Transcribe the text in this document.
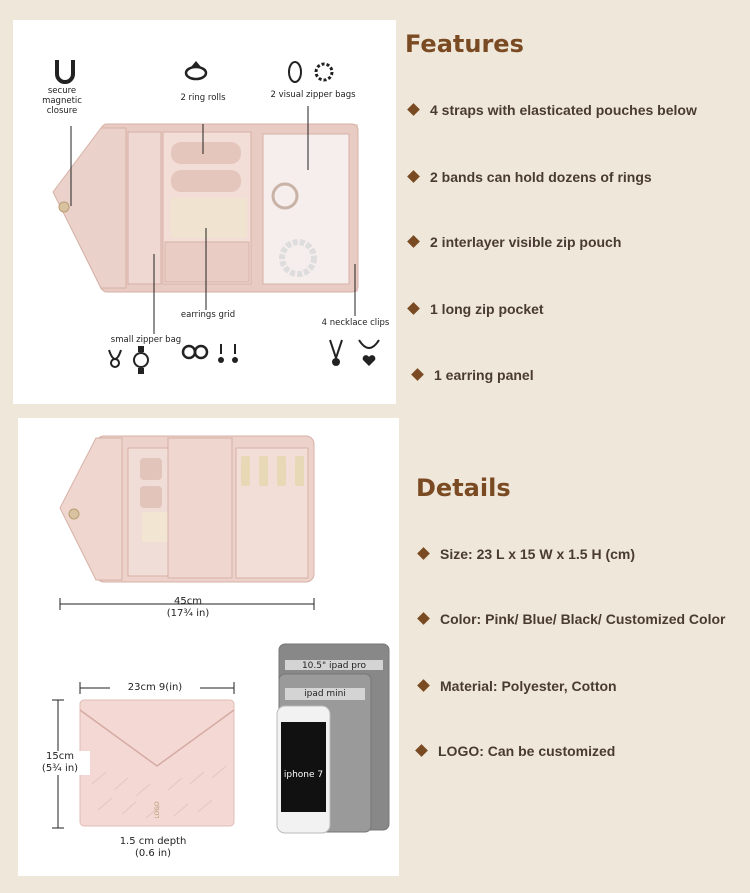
secure magnetic
closure
2 ring rolls	2 visual zipper bags
small zipper bag
earrings grid
4 necklace clips
45cm
(17¾ in)
23cm 9(in)
15cm
(5¾ in)
1.5 cm depth
(0.6 in)
LOGO
10.5" ipad pro
ipad mini
iphone 7
Features
4 straps with elasticated pouches below
2 bands can hold dozens of rings
2 interlayer visible zip pouch
1 long zip pocket
1 earring panel
Details
Size: 23 L x 15 W x 1.5 H (cm)
Color: Pink/ Blue/ Black/ Customized Color
Material: Polyester, Cotton
LOGO: Can be customized
